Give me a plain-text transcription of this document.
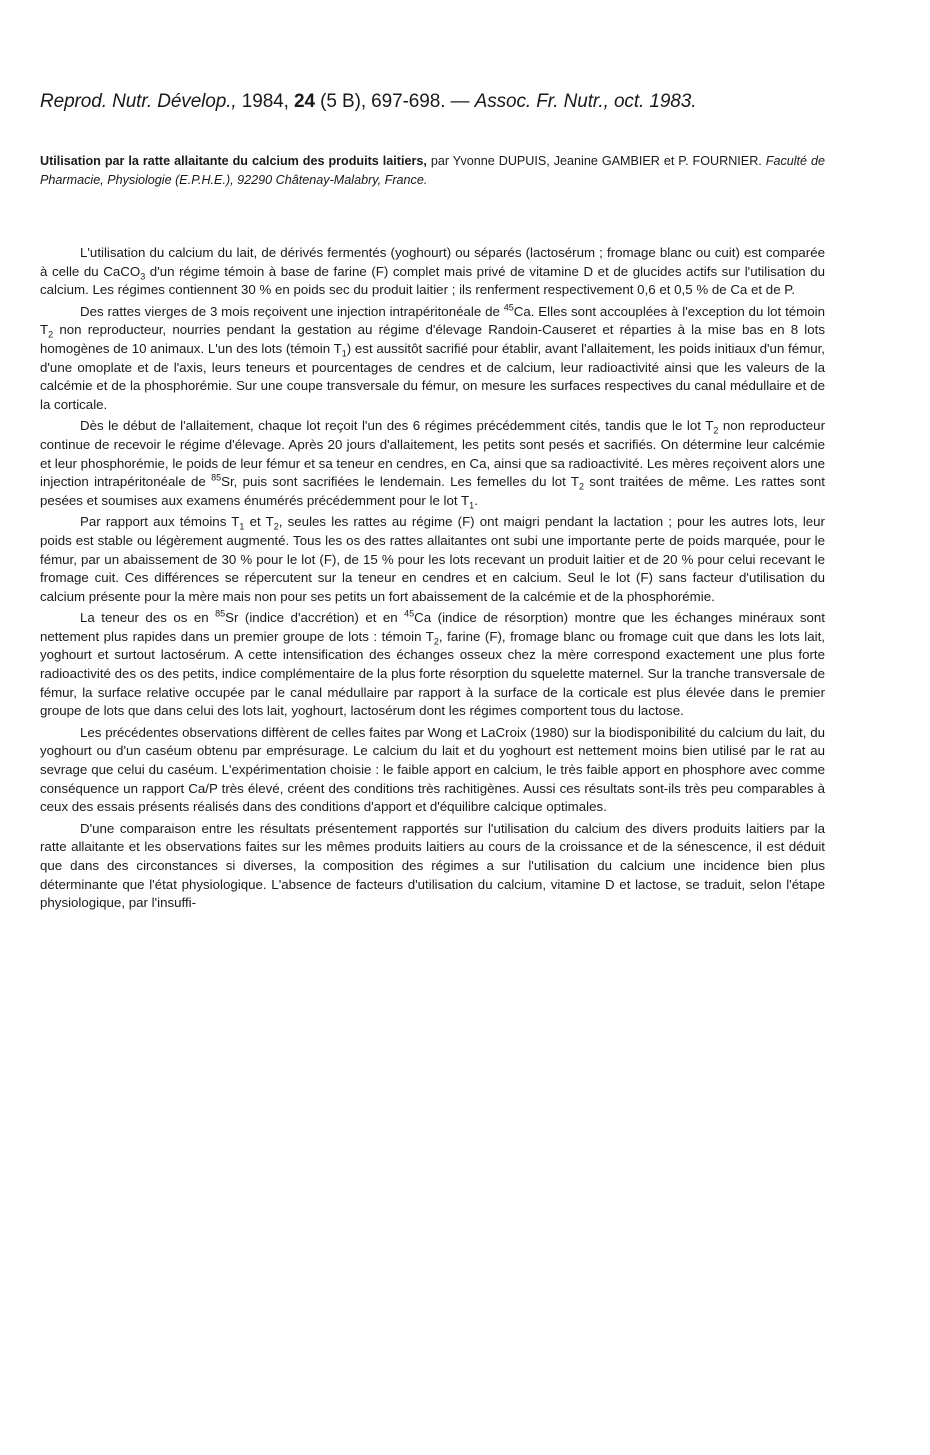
Reprod. Nutr. Dévelop., 1984, 24 (5 B), 697-698. — Assoc. Fr. Nutr., oct. 1983.
Utilisation par la ratte allaitante du calcium des produits laitiers, par Yvonne DUPUIS, Jeanine GAMBIER et P. FOURNIER. Faculté de Pharmacie, Physiologie (E.P.H.E.), 92290 Châtenay-Malabry, France.

L'utilisation du calcium du lait, de dérivés fermentés (yoghourt) ou séparés (lactosérum ; fromage blanc ou cuit) est comparée à celle du CaCO$_3$ d'un régime témoin à base de farine (F) complet mais privé de vitamine D et de glucides actifs sur l'utilisation du calcium. Les régimes contiennent 30 % en poids sec du produit laitier ; ils renferment respectivement 0,6 et 0,5 % de Ca et de P.

Des rattes vierges de 3 mois reçoivent une injection intrapéritonéale de $^{45}$Ca. Elles sont accouplées à l'exception du lot témoin $T_2$ non reproducteur, nourries pendant la gestation au régime d'élevage Randoin-Causeret et réparties à la mise bas en 8 lots homogènes de 10 animaux. L'un des lots (témoin $T_1$) est aussitôt sacrifié pour établir, avant l'allaitement, les poids initiaux d'un fémur, d'une omoplate et de l'axis, leurs teneurs et pourcentages de cendres et de calcium, leur radioactivité ainsi que les valeurs de la calcémie et de la phosphorémie. Sur une coupe transversale du fémur, on mesure les surfaces respectives du canal médullaire et de la corticale.

Dès le début de l'allaitement, chaque lot reçoit l'un des 6 régimes précédemment cités, tandis que le lot $T_2$ non reproducteur continue de recevoir le régime d'élevage. Après 20 jours d'allaitement, les petits sont pesés et sacrifiés. On détermine leur calcémie et leur phosphorémie, le poids de leur fémur et sa teneur en cendres, en Ca, ainsi que sa radioactivité. Les mères reçoivent alors une injection intrapéritonéale de $^{85}$Sr, puis sont sacrifiées le lendemain. Les femelles du lot $T_2$ sont traitées de même. Les rattes sont pesées et soumises aux examens énumérés précédemment pour le lot $T_1$.

Par rapport aux témoins $T_1$ et $T_2$, seules les rattes au régime (F) ont maigri pendant la lactation ; pour les autres lots, leur poids est stable ou légèrement augmenté. Tous les os des rattes allaitantes ont subi une importante perte de poids marquée, pour le fémur, par un abaissement de 30 % pour le lot (F), de 15 % pour les lots recevant un produit laitier et de 20 % pour celui recevant le fromage cuit. Ces différences se répercutent sur la teneur en cendres et en calcium. Seul le lot (F) sans facteur d'utilisation du calcium présente pour la mère mais non pour ses petits un fort abaissement de la calcémie et de la phosphorémie.

La teneur des os en $^{85}$Sr (indice d'accrétion) et en $^{45}$Ca (indice de résorption) montre que les échanges minéraux sont nettement plus rapides dans un premier groupe de lots : témoin $T_2$, farine (F), fromage blanc ou fromage cuit que dans les lots lait, yoghourt et surtout lactosérum. A cette intensification des échanges osseux chez la mère correspond exactement une plus forte radioactivité des os des petits, indice complémentaire de la plus forte résorption du squelette maternel. Sur la tranche transversale de fémur, la surface relative occupée par le canal médullaire par rapport à la surface de la corticale est plus élevée dans le premier groupe de lots que dans celui des lots lait, yoghourt, lactosérum dont les régimes comportent tous du lactose.

Les précédentes observations diffèrent de celles faites par Wong et LaCroix (1980) sur la biodisponibilité du calcium du lait, du yoghourt ou d'un caséum obtenu par emprésurage. Le calcium du lait et du yoghourt est nettement moins bien utilisé par le rat au sevrage que celui du caséum. L'expérimentation choisie : le faible apport en calcium, le très faible apport en phosphore avec comme conséquence un rapport Ca/P très élevé, créent des conditions très rachitigènes. Aussi ces résultats sont-ils très peu comparables à ceux des essais présents réalisés dans des conditions d'apport et d'équilibre calcique optimales.

D'une comparaison entre les résultats présentement rapportés sur l'utilisation du calcium des divers produits laitiers par la ratte allaitante et les observations faites sur les mêmes produits laitiers au cours de la croissance et de la sénescence, il est déduit que dans des circonstances si diverses, la composition des régimes a sur l'utilisation du calcium une incidence bien plus déterminante que l'état physiologique. L'absence de facteurs d'utilisation du calcium, vitamine D et lactose, se traduit, selon l'étape physiologique, par l'insuffi-
